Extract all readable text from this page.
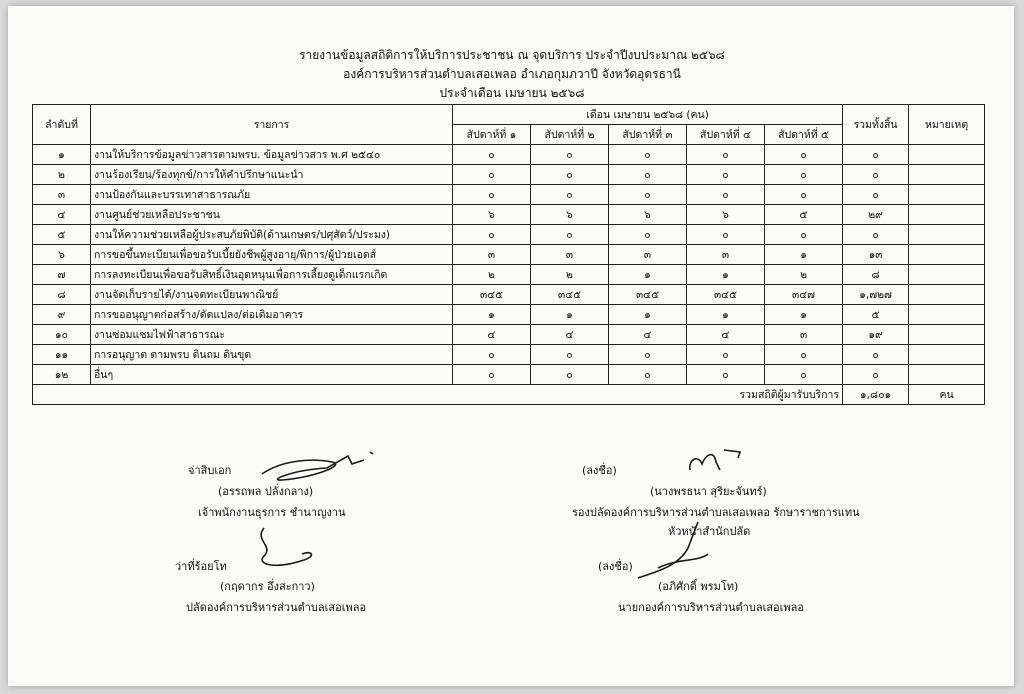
รายงานข้อมูลสถิติการให้บริการประชาชน ณ จุดบริการ ประจำปีงบประมาณ ๒๕๖๘
องค์การบริหารส่วนตำบลเสอเพลอ อำเภอกุมภวาปี จังหวัดอุดรธานี
ประจำเดือน เมษายน ๒๕๖๘
ลำดับที่	รายการ	เดือน เมษายน ๒๕๖๘ (คน)					รวมทั้งสิ้น	หมายเหตุ
		สัปดาห์ที่ ๑	สัปดาห์ที่ ๒	สัปดาห์ที่ ๓	สัปดาห์ที่ ๔	สัปดาห์ที่ ๕		
๑	งานให้บริการข้อมูลข่าวสารตามพรบ. ข้อมูลข่าวสาร พ.ศ ๒๕๔๐	๐	๐	๐	๐	๐	๐	
๒	งานร้องเรียน/ร้องทุกข์/การให้คำปรึกษาแนะนำ	๐	๐	๐	๐	๐	๐	
๓	งานป้องกันและบรรเทาสาธารณภัย	๐	๐	๐	๐	๐	๐	
๔	งานศูนย์ช่วยเหลือประชาชน	๖	๖	๖	๖	๕	๒๙	
๕	งานให้ความช่วยเหลือผู้ประสบภัยพิบัติ(ด้านเกษตร/ปศุสัตว์/ประมง)	๐	๐	๐	๐	๐	๐	
๖	การขอขึ้นทะเบียนเพื่อขอรับเบี้ยยังชีพผู้สูงอายุ/พิการ/ผู้ป่วยเอดส์	๓	๓	๓	๓	๑	๑๓	
๗	การลงทะเบียนเพื่อขอรับสิทธิ์เงินอุดหนุนเพื่อการเลี้ยงดูเด็กแรกเกิด	๒	๒	๑	๑	๒	๘	
๘	งานจัดเก็บรายได้/งานจดทะเบียนพาณิชย์	๓๔๕	๓๔๕	๓๔๕	๓๔๕	๓๔๗	๑,๗๒๗	
๙	การขออนุญาตก่อสร้าง/ดัดแปลง/ต่อเติมอาคาร	๑	๑	๑	๑	๑	๕	
๑๐	งานซ่อมแซมไฟฟ้าสาธารณะ	๔	๔	๔	๔	๓	๑๙	
๑๑	การอนุญาต ตามพรบ ดินถม ดินขุด	๐	๐	๐	๐	๐	๐	
๑๒	อื่นๆ	๐	๐	๐	๐	๐	๐	
รวมสถิติผู้มารับบริการ							๑,๘๐๑	คน
จ่าสิบเอก
(อรรถพล ปลั่งกลาง)
เจ้าพนักงานธุรการ ชำนาญงาน
ว่าที่ร้อยโท
(กฤดากร อึ่งสะกาว)
ปลัดองค์การบริหารส่วนตำบลเสอเพลอ
(ลงชื่อ)
(นางพรธนา สุริยะจันทร์)
รองปลัดองค์การบริหารส่วนตำบลเสอเพลอ รักษาราชการแทน
หัวหน้าสำนักปลัด
(ลงชื่อ)
(อภิศักดิ์ พรมโท)
นายกองค์การบริหารส่วนตำบลเสอเพลอ
